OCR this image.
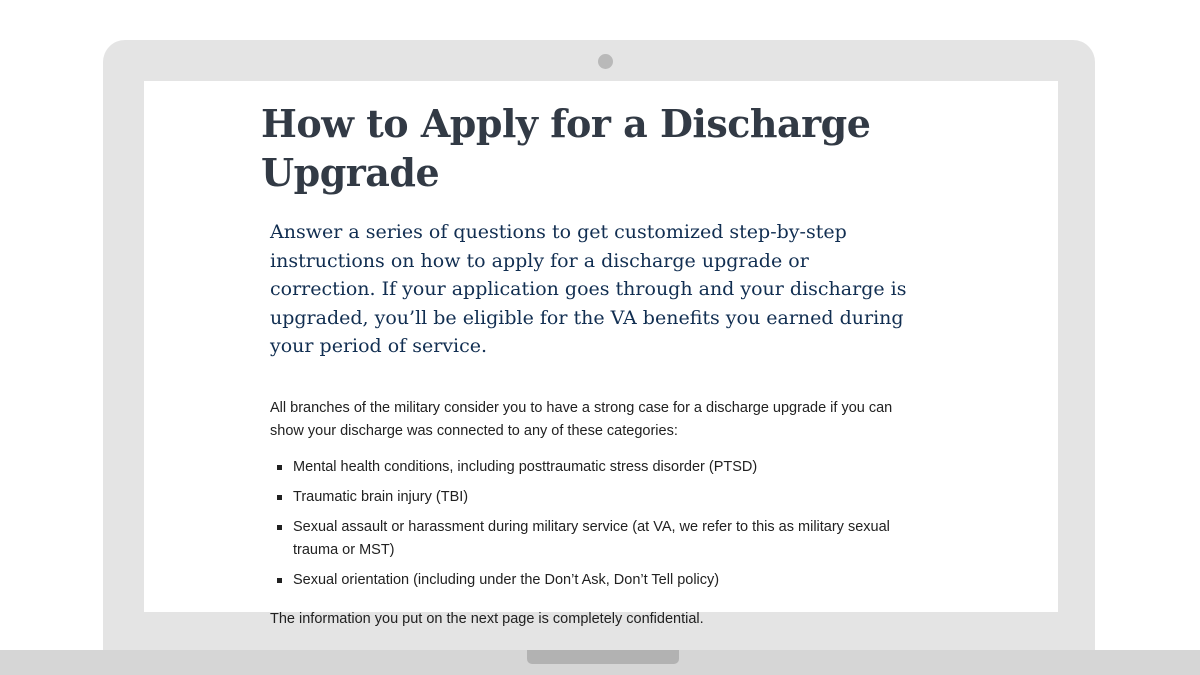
How to Apply for a Discharge Upgrade
Answer a series of questions to get customized step-by-step instructions on how to apply for a discharge upgrade or correction. If your application goes through and your discharge is upgraded, you’ll be eligible for the VA benefits you earned during your period of service.
All branches of the military consider you to have a strong case for a discharge upgrade if you can show your discharge was connected to any of these categories:
Mental health conditions, including posttraumatic stress disorder (PTSD)
Traumatic brain injury (TBI)
Sexual assault or harassment during military service (at VA, we refer to this as military sexual trauma or MST)
Sexual orientation (including under the Don’t Ask, Don’t Tell policy)
The information you put on the next page is completely confidential.
